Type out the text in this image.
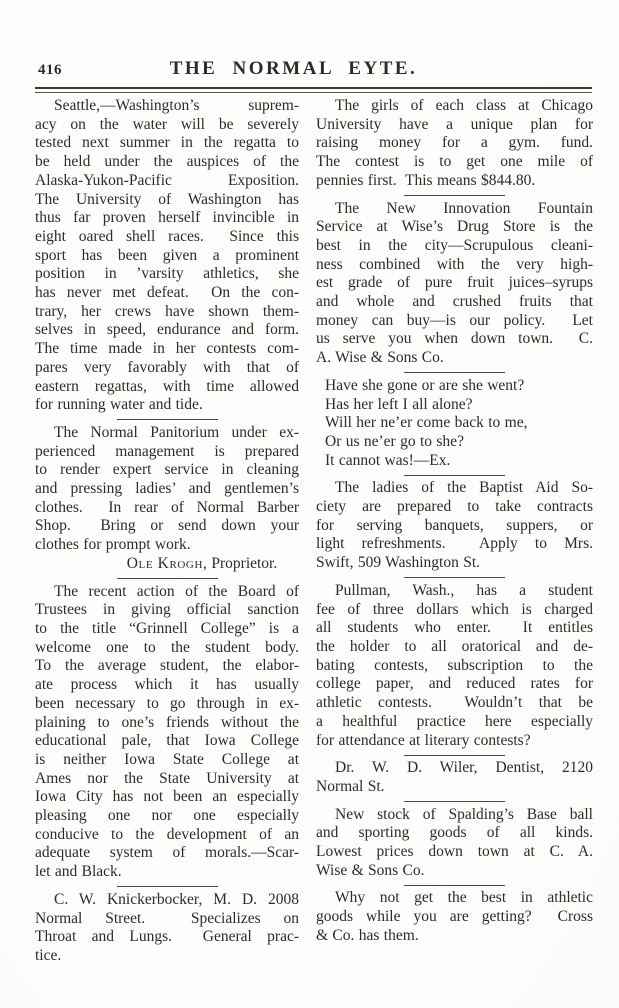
416	THE NORMAL EYTE.
Seattle,—Washington’s suprem-
acy on the water will be severely
tested next summer in the regatta to
be held under the auspices of the
Alaska-Yukon-Pacific Exposition.
The University of Washington has
thus far proven herself invincible in
eight oared shell races.  Since this
sport has been given a prominent
position in ’varsity athletics, she
has never met defeat.  On the con-
trary, her crews have shown them-
selves in speed, endurance and form.
The time made in her contests com-
pares very favorably with that of
eastern regattas, with time allowed
for running water and tide.
The Normal Panitorium under ex-
perienced management is prepared
to render expert service in cleaning
and pressing ladies’ and gentlemen’s
clothes.  In rear of Normal Barber
Shop.  Bring or send down your
clothes for prompt work.
Ole Krogh, Proprietor.
The recent action of the Board of
Trustees in giving official sanction
to the title “Grinnell College” is a
welcome one to the student body.
To the average student, the elabor-
ate process which it has usually
been necessary to go through in ex-
plaining to one’s friends without the
educational pale, that Iowa College
is neither Iowa State College at
Ames nor the State University at
Iowa City has not been an especially
pleasing one nor one especially
conducive to the development of an
adequate system of morals.—Scar-
let and Black.
C. W. Knickerbocker, M. D. 2008
Normal Street.  Specializes on
Throat and Lungs.  General prac-
tice.
The girls of each class at Chicago
University have a unique plan for
raising money for a gym. fund.
The contest is to get one mile of
pennies first.  This means $844.80.
The New Innovation Fountain
Service at Wise’s Drug Store is the
best in the city—Scrupulous cleani-
ness combined with the very high-
est grade of pure fruit juices–syrups
and whole and crushed fruits that
money can buy—is our policy.  Let
us serve you when down town.  C.
A. Wise & Sons Co.
Have she gone or are she went?
Has her left I all alone?
Will her ne’er come back to me,
Or us ne’er go to she?
It cannot was!—Ex.
The ladies of the Baptist Aid So-
ciety are prepared to take contracts
for serving banquets, suppers, or
light refreshments.  Apply to Mrs.
Swift, 509 Washington St.
Pullman, Wash., has a student
fee of three dollars which is charged
all students who enter.  It entitles
the holder to all oratorical and de-
bating contests, subscription to the
college paper, and reduced rates for
athletic contests.  Wouldn’t that be
a healthful practice here especially
for attendance at literary contests?
Dr. W. D. Wiler, Dentist, 2120
Normal St.
New stock of Spalding’s Base ball
and sporting goods of all kinds.
Lowest prices down town at C. A.
Wise & Sons Co.
Why not get the best in athletic
goods while you are getting?  Cross
& Co. has them.
